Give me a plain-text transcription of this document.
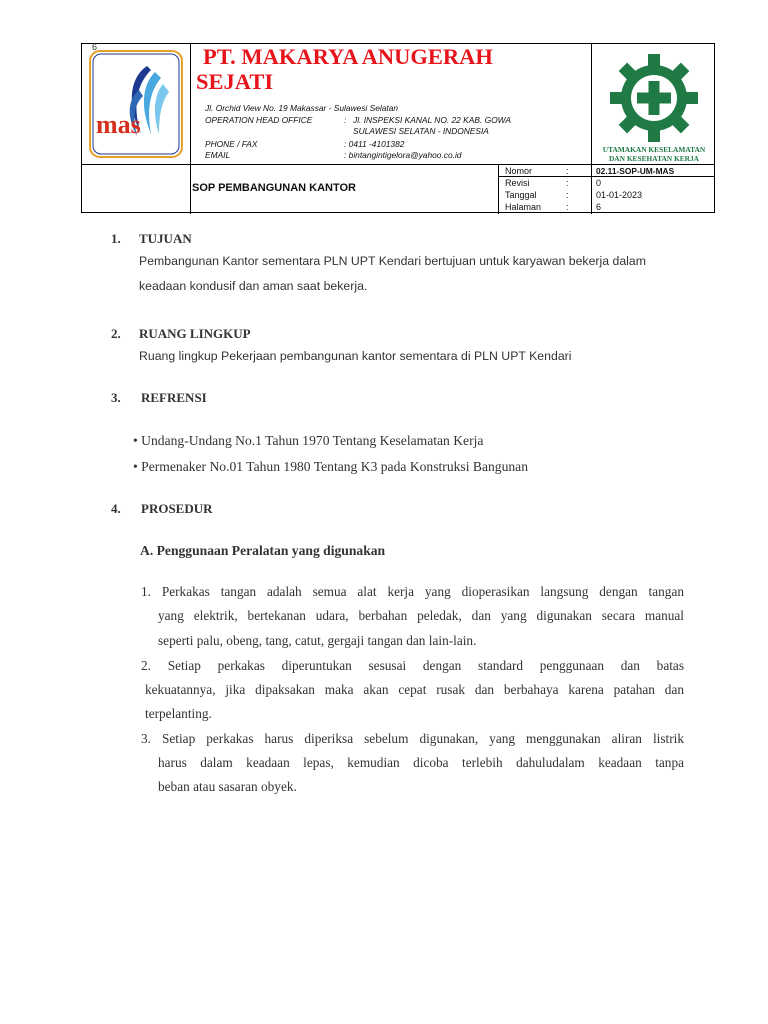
mas
6	PT. MAKARYA ANUGERAH
SEJATI
Jl. Orchid View No. 19 Makassar - Sulawesi Selatan
OPERATION HEAD OFFICE	: Jl. INSPEKSI KANAL NO. 22 KAB. GOWA
SULAWESI SELATAN - INDONESIA
PHONE / FAX	: 0411 -4101382
EMAIL	: bintangintigelora@yahoo.co.id
UTAMAKAN KESELAMATAN
DAN KESEHATAN KERJA
SOP PEMBANGUNAN KANTOR
Nomor	:	02.11-SOP-UM-MAS
Revisi	:	0
Tanggal	:	01-01-2023
Halaman	:	6
1. TUJUAN
Pembangunan Kantor sementara PLN UPT Kendari bertujuan untuk karyawan bekerja dalam
keadaan kondusif dan aman saat bekerja.
2. RUANG LINGKUP
Ruang lingkup Pekerjaan pembangunan kantor sementara di PLN UPT Kendari
3. REFRENSI
• Undang-Undang No.1 Tahun 1970 Tentang Keselamatan Kerja
• Permenaker No.01 Tahun 1980 Tentang K3 pada Konstruksi Bangunan
4. PROSEDUR
A. Penggunaan Peralatan yang digunakan
1. Perkakas tangan adalah semua alat kerja yang dioperasikan langsung dengan tangan
yang elektrik, bertekanan udara, berbahan peledak, dan yang digunakan secara manual
seperti palu, obeng, tang, catut, gergaji tangan dan lain-lain.
2. Setiap perkakas diperuntukan sesusai dengan standard penggunaan dan batas
kekuatannya, jika dipaksakan maka akan cepat rusak dan berbahaya karena patahan dan
terpelanting.
3. Setiap perkakas harus diperiksa sebelum digunakan, yang menggunakan aliran listrik
harus dalam keadaan lepas, kemudian dicoba terlebih dahuludalam keadaan tanpa
beban atau sasaran obyek.
